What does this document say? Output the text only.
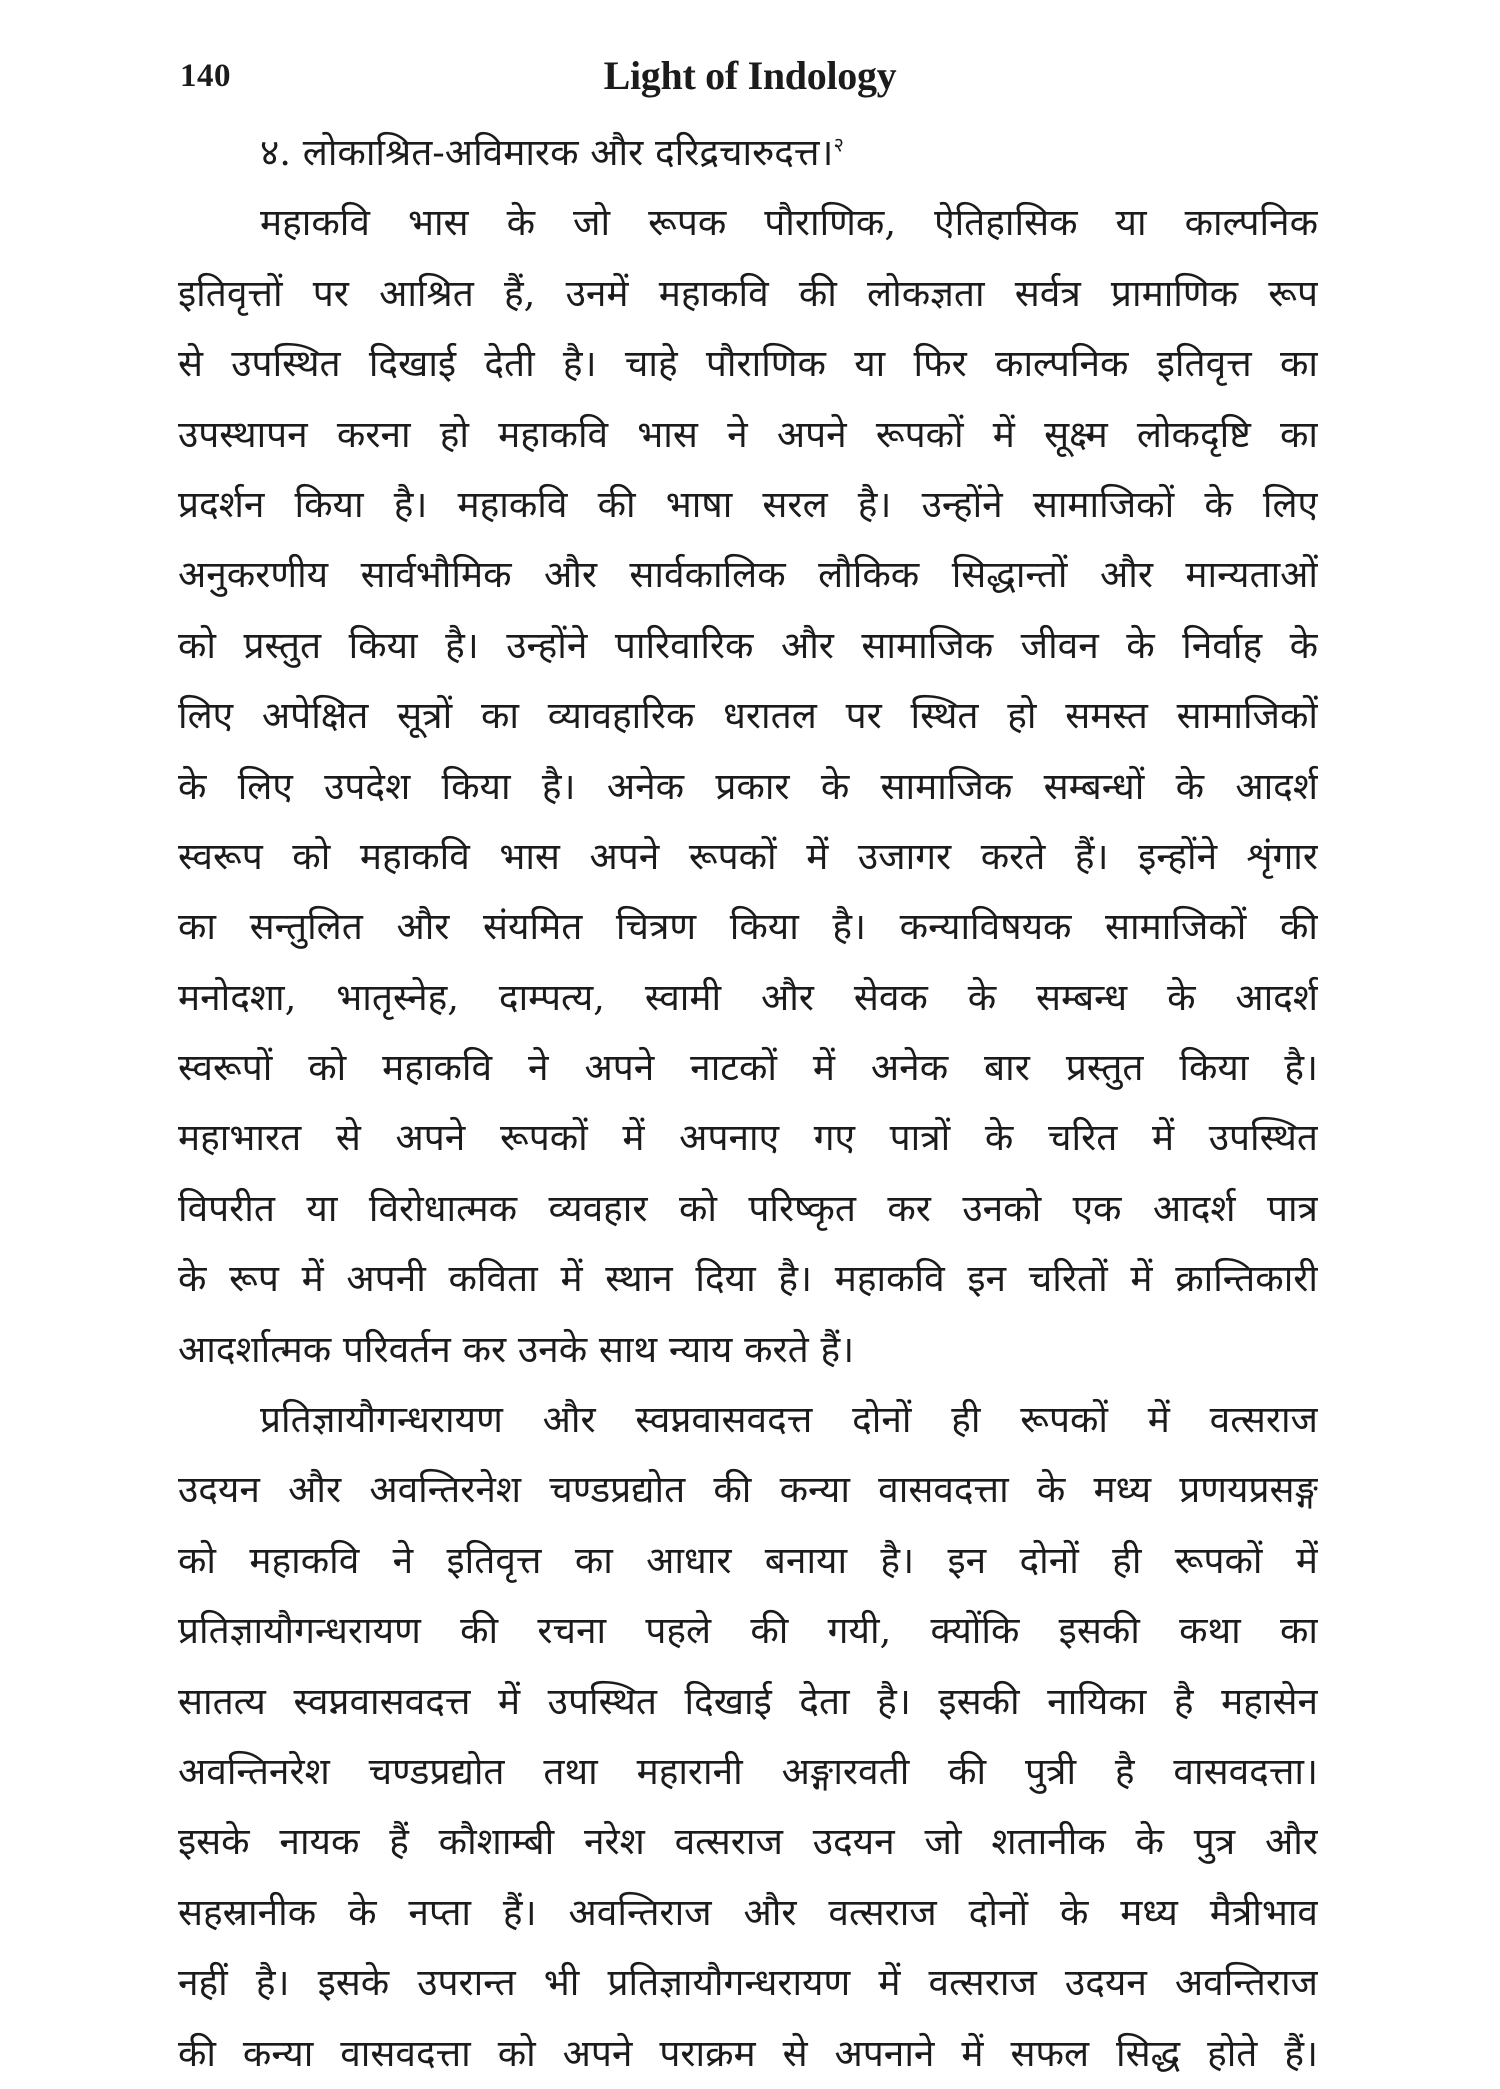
140	Light of Indology
४. लोकाश्रित-अविमारक और दरिद्रचारुदत्त।$^२$
महाकवि भास के जो रूपक पौराणिक, ऐतिहासिक या काल्पनिक
इतिवृत्तों पर आश्रित हैं, उनमें महाकवि की लोकज्ञता सर्वत्र प्रामाणिक रूप
से उपस्थित दिखाई देती है। चाहे पौराणिक या फिर काल्पनिक इतिवृत्त का
उपस्थापन करना हो महाकवि भास ने अपने रूपकों में सूक्ष्म लोकदृष्टि का
प्रदर्शन किया है। महाकवि की भाषा सरल है। उन्होंने सामाजिकों के लिए
अनुकरणीय सार्वभौमिक और सार्वकालिक लौकिक सिद्धान्तों और मान्यताओं
को प्रस्तुत किया है। उन्होंने पारिवारिक और सामाजिक जीवन के निर्वाह के
लिए अपेक्षित सूत्रों का व्यावहारिक धरातल पर स्थित हो समस्त सामाजिकों
के लिए उपदेश किया है। अनेक प्रकार के सामाजिक सम्बन्धों के आदर्श
स्वरूप को महाकवि भास अपने रूपकों में उजागर करते हैं। इन्होंने शृंगार
का सन्तुलित और संयमित चित्रण किया है। कन्याविषयक सामाजिकों की
मनोदशा, भातृस्नेह, दाम्पत्य, स्वामी और सेवक के सम्बन्ध के आदर्श
स्वरूपों को महाकवि ने अपने नाटकों में अनेक बार प्रस्तुत किया है।
महाभारत से अपने रूपकों में अपनाए गए पात्रों के चरित में उपस्थित
विपरीत या विरोधात्मक व्यवहार को परिष्कृत कर उनको एक आदर्श पात्र
के रूप में अपनी कविता में स्थान दिया है। महाकवि इन चरितों में क्रान्तिकारी
आदर्शात्मक परिवर्तन कर उनके साथ न्याय करते हैं।
प्रतिज्ञायौगन्धरायण और स्वप्नवासवदत्त दोनों ही रूपकों में वत्सराज
उदयन और अवन्तिरनेश चण्डप्रद्योत की कन्या वासवदत्ता के मध्य प्रणयप्रसङ्ग
को महाकवि ने इतिवृत्त का आधार बनाया है। इन दोनों ही रूपकों में
प्रतिज्ञायौगन्धरायण की रचना पहले की गयी, क्योंकि इसकी कथा का
सातत्य स्वप्नवासवदत्त में उपस्थित दिखाई देता है। इसकी नायिका है महासेन
अवन्तिनरेश चण्डप्रद्योत तथा महारानी अङ्गारवती की पुत्री है वासवदत्ता।
इसके नायक हैं कौशाम्बी नरेश वत्सराज उदयन जो शतानीक के पुत्र और
सहस्रानीक के नप्ता हैं। अवन्तिराज और वत्सराज दोनों के मध्य मैत्रीभाव
नहीं है। इसके उपरान्त भी प्रतिज्ञायौगन्धरायण में वत्सराज उदयन अवन्तिराज
की कन्या वासवदत्ता को अपने पराक्रम से अपनाने में सफल सिद्ध होते हैं।
